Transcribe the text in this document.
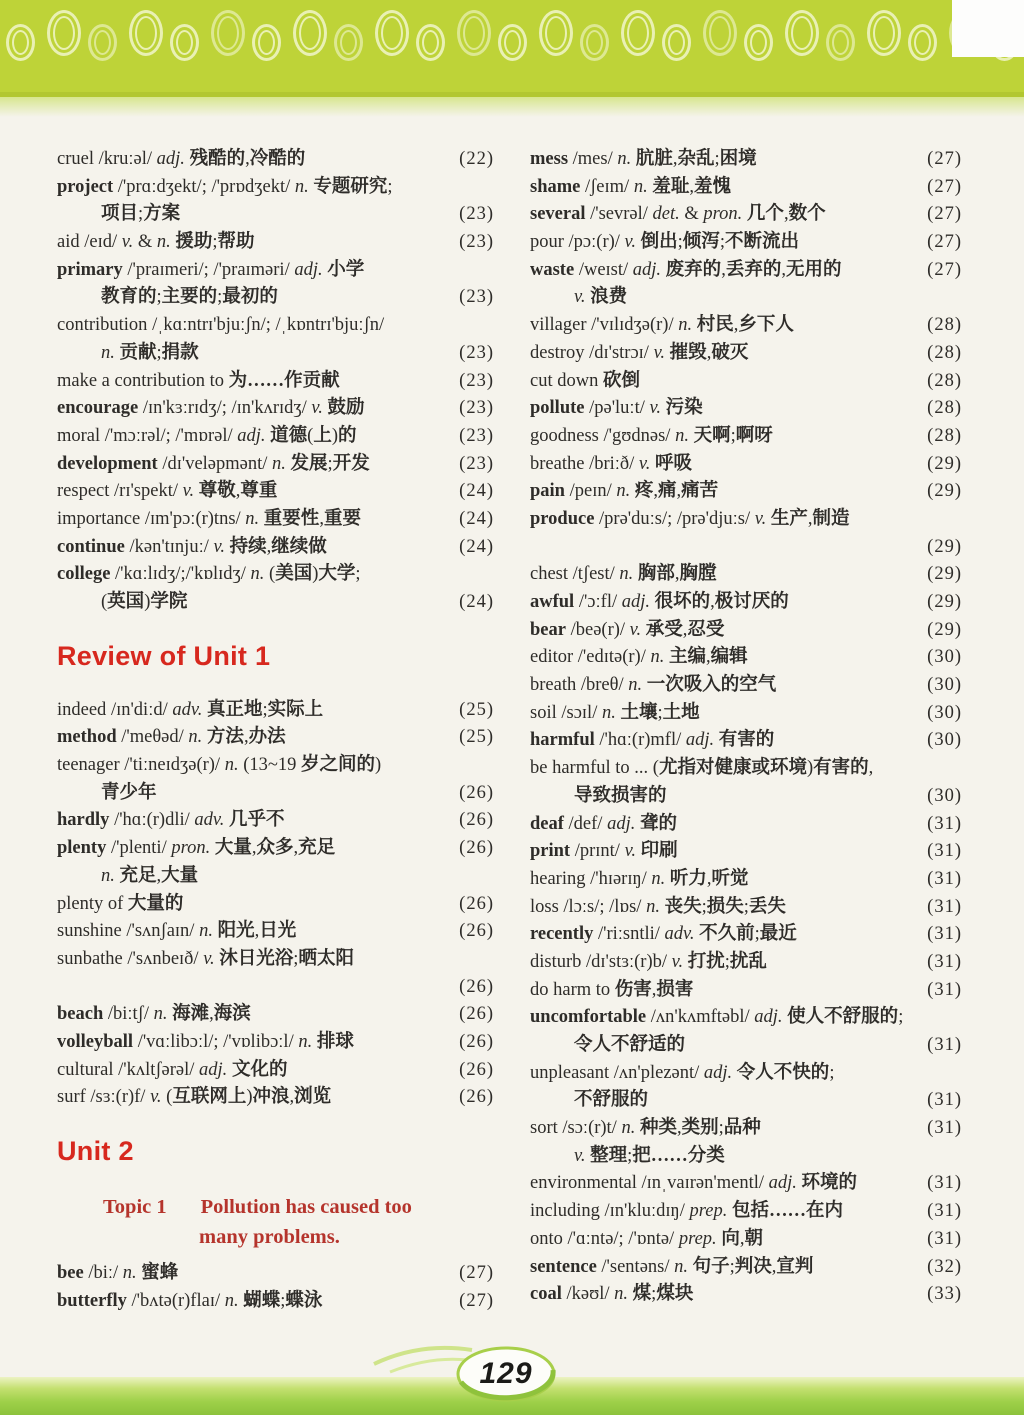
cruel /kruːəl/ adj. 残酷的,冷酷的	(22)
project /'prɑːdʒekt/; /'prɒdʒekt/ n. 专题研究;
项目;方案	(23)
aid /eɪd/ v. & n. 援助;帮助	(23)
primary /'praɪmeri/; /'praɪməri/ adj. 小学
教育的;主要的;最初的	(23)
contribution /ˌkɑːntrɪ'bjuːʃn/; /ˌkɒntrɪ'bjuːʃn/
n. 贡献;捐款	(23)
make a contribution to 为……作贡献	(23)
encourage /ɪn'kɜːrɪdʒ/; /ɪn'kʌrɪdʒ/ v. 鼓励	(23)
moral /'mɔːrəl/; /'mɒrəl/ adj. 道德(上)的	(23)
development /dɪ'veləpmənt/ n. 发展;开发	(23)
respect /rɪ'spekt/ v. 尊敬,尊重	(24)
importance /ɪm'pɔː(r)tns/ n. 重要性,重要	(24)
continue /kən'tɪnjuː/ v. 持续,继续做	(24)
college /'kɑːlɪdʒ/;/'kɒlɪdʒ/ n. (美国)大学;
(英国)学院	(24)
Review of Unit 1
indeed /ɪn'diːd/ adv. 真正地;实际上	(25)
method /'meθəd/ n. 方法,办法	(25)
teenager /'tiːneɪdʒə(r)/ n. (13~19 岁之间的)
青少年	(26)
hardly /'hɑː(r)dli/ adv. 几乎不	(26)
plenty /'plenti/ pron. 大量,众多,充足	(26)
n. 充足,大量
plenty of 大量的	(26)
sunshine /'sʌnʃaɪn/ n. 阳光,日光	(26)
sunbathe /'sʌnbeɪð/ v. 沐日光浴;晒太阳
(26)
beach /biːtʃ/ n. 海滩,海滨	(26)
volleyball /'vɑːlibɔːl/; /'vɒlibɔːl/ n. 排球	(26)
cultural /'kʌltʃərəl/ adj. 文化的	(26)
surf /sɜː(r)f/ v. (互联网上)冲浪,浏览	(26)
Unit 2
Topic 1 Pollution has caused too
many problems.
bee /biː/ n. 蜜蜂	(27)
butterfly /'bʌtə(r)flaɪ/ n. 蝴蝶;蝶泳	(27)
mess /mes/ n. 肮脏,杂乱;困境	(27)
shame /ʃeɪm/ n. 羞耻,羞愧	(27)
several /'sevrəl/ det. & pron. 几个,数个	(27)
pour /pɔː(r)/ v. 倒出;倾泻;不断流出	(27)
waste /weɪst/ adj. 废弃的,丢弃的,无用的	(27)
v. 浪费
villager /'vɪlɪdʒə(r)/ n. 村民,乡下人	(28)
destroy /dɪ'strɔɪ/ v. 摧毁,破灭	(28)
cut down 砍倒	(28)
pollute /pə'luːt/ v. 污染	(28)
goodness /'gʊdnəs/ n. 天啊;啊呀	(28)
breathe /briːð/ v. 呼吸	(29)
pain /peɪn/ n. 疼,痛,痛苦	(29)
produce /prə'duːs/; /prə'djuːs/ v. 生产,制造
(29)
chest /tʃest/ n. 胸部,胸膛	(29)
awful /'ɔːfl/ adj. 很坏的,极讨厌的	(29)
bear /beə(r)/ v. 承受,忍受	(29)
editor /'edɪtə(r)/ n. 主编,编辑	(30)
breath /breθ/ n. 一次吸入的空气	(30)
soil /sɔɪl/ n. 土壤;土地	(30)
harmful /'hɑː(r)mfl/ adj. 有害的	(30)
be harmful to ... (尤指对健康或环境)有害的,
导致损害的	(30)
deaf /def/ adj. 聋的	(31)
print /prɪnt/ v. 印刷	(31)
hearing /'hɪərɪŋ/ n. 听力,听觉	(31)
loss /lɔːs/; /lɒs/ n. 丧失;损失;丢失	(31)
recently /'riːsntli/ adv. 不久前;最近	(31)
disturb /dɪ'stɜː(r)b/ v. 打扰;扰乱	(31)
do harm to 伤害,损害	(31)
uncomfortable /ʌn'kʌmftəbl/ adj. 使人不舒服的;
令人不舒适的	(31)
unpleasant /ʌn'plezənt/ adj. 令人不快的;
不舒服的	(31)
sort /sɔː(r)t/ n. 种类,类别;品种	(31)
v. 整理;把……分类
environmental /ɪnˌvaɪrən'mentl/ adj. 环境的	(31)
including /ɪn'kluːdɪŋ/ prep. 包括……在内	(31)
onto /'ɑːntə/; /'ɒntə/ prep. 向,朝	(31)
sentence /'sentəns/ n. 句子;判决,宣判	(32)
coal /kəʊl/ n. 煤;煤块	(33)
129
